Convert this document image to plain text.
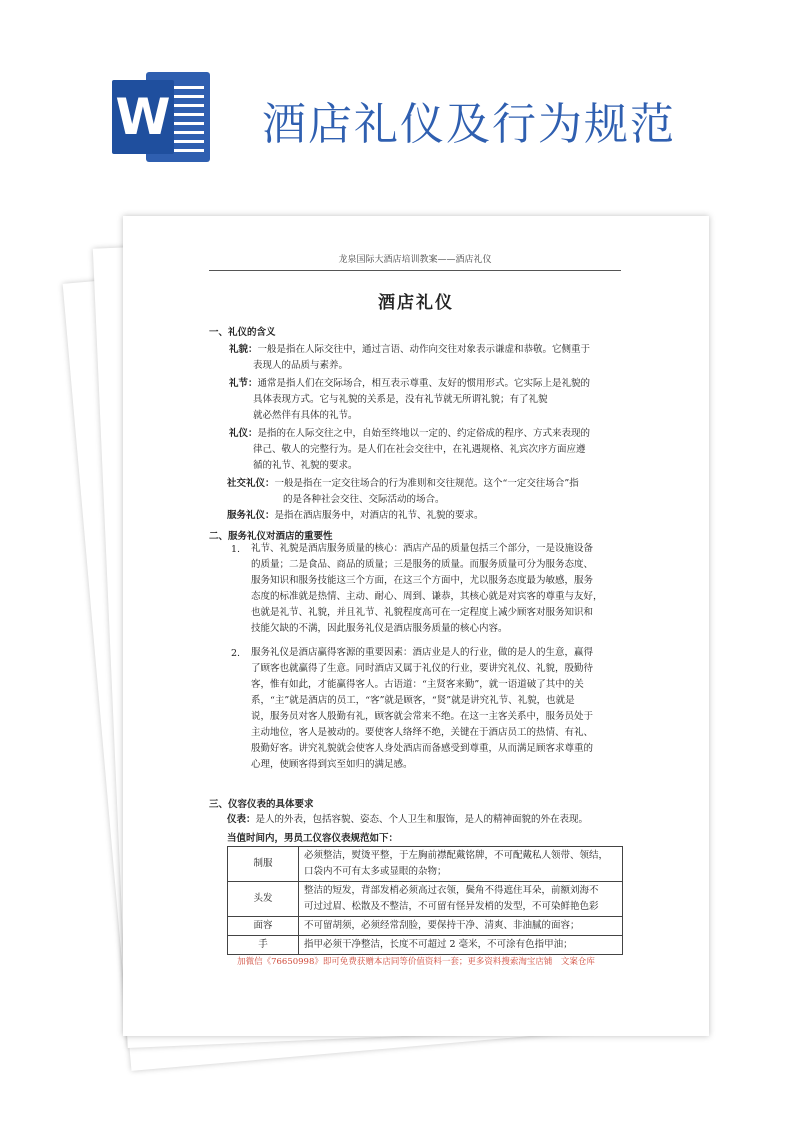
W 酒店礼仪及行为规范
龙泉国际大酒店培训教案——酒店礼仪
酒店礼仪
一、礼仪的含义
礼貌：一般是指在人际交往中，通过言语、动作向交往对象表示谦虚和恭敬。它侧重于
表现人的品质与素养。
礼节：通常是指人们在交际场合，相互表示尊重、友好的惯用形式。它实际上是礼貌的
具体表现方式。它与礼貌的关系是，没有礼节就无所谓礼貌；有了礼貌
就必然伴有具体的礼节。
礼仪：是指的在人际交往之中，自始至终地以一定的、约定俗成的程序、方式来表现的
律己、敬人的完整行为。是人们在社会交往中，在礼遇规格、礼宾次序方面应遵
循的礼节、礼貌的要求。
社交礼仪：一般是指在一定交往场合的行为准则和交往规范。这个“一定交往场合”指
的是各种社会交往、交际活动的场合。
服务礼仪：是指在酒店服务中，对酒店的礼节、礼貌的要求。
二、服务礼仪对酒店的重要性
1. 礼节、礼貌是酒店服务质量的核心：酒店产品的质量包括三个部分，一是设施设备
的质量；二是食品、商品的质量；三是服务的质量。而服务质量可分为服务态度、
服务知识和服务技能这三个方面，在这三个方面中，尤以服务态度最为敏感，服务
态度的标准就是热情、主动、耐心、周到、谦恭，其核心就是对宾客的尊重与友好，
也就是礼节、礼貌，并且礼节、礼貌程度高可在一定程度上减少顾客对服务知识和
技能欠缺的不满，因此服务礼仪是酒店服务质量的核心内容。
2. 服务礼仪是酒店赢得客源的重要因素：酒店业是人的行业，做的是人的生意，赢得
了顾客也就赢得了生意。同时酒店又属于礼仪的行业，要讲究礼仪、礼貌，殷勤待
客，惟有如此，才能赢得客人。古语道：“主贤客来勤”，就一语道破了其中的关
系，“主”就是酒店的员工，“客”就是顾客，“贤”就是讲究礼节、礼貌，也就是
说，服务员对客人殷勤有礼，顾客就会常来不绝。在这一主客关系中，服务员处于
主动地位，客人是被动的。要使客人络绎不绝，关键在于酒店员工的热情、有礼、
殷勤好客。讲究礼貌就会使客人身处酒店而备感受到尊重，从而满足顾客求尊重的
心理，使顾客得到宾至如归的满足感。
三、仪容仪表的具体要求
仪表：是人的外表，包括容貌、姿态、个人卫生和服饰，是人的精神面貌的外在表现。
当值时间内，男员工仪容仪表规范如下：
制服	必须整洁，熨烫平整，于左胸前襟配戴铭牌，不可配戴私人领带、领结，
口袋内不可有太多或显眼的杂物；

头发	整洁的短发，背部发梢必须高过衣领，鬓角不得遮住耳朵，前额刘海不
可过过眉、松散及不整洁，不可留有怪异发梢的发型，不可染鲜艳色彩

面容	不可留胡须，必须经常刮脸，要保持干净、清爽、非油腻的面容；

手	指甲必须干净整洁，长度不可超过 2 毫米，不可涂有色指甲油；
加微信《76650998》即可免费获赠本店同等价值资料一套；更多资料搜索淘宝店铺　文案仓库
